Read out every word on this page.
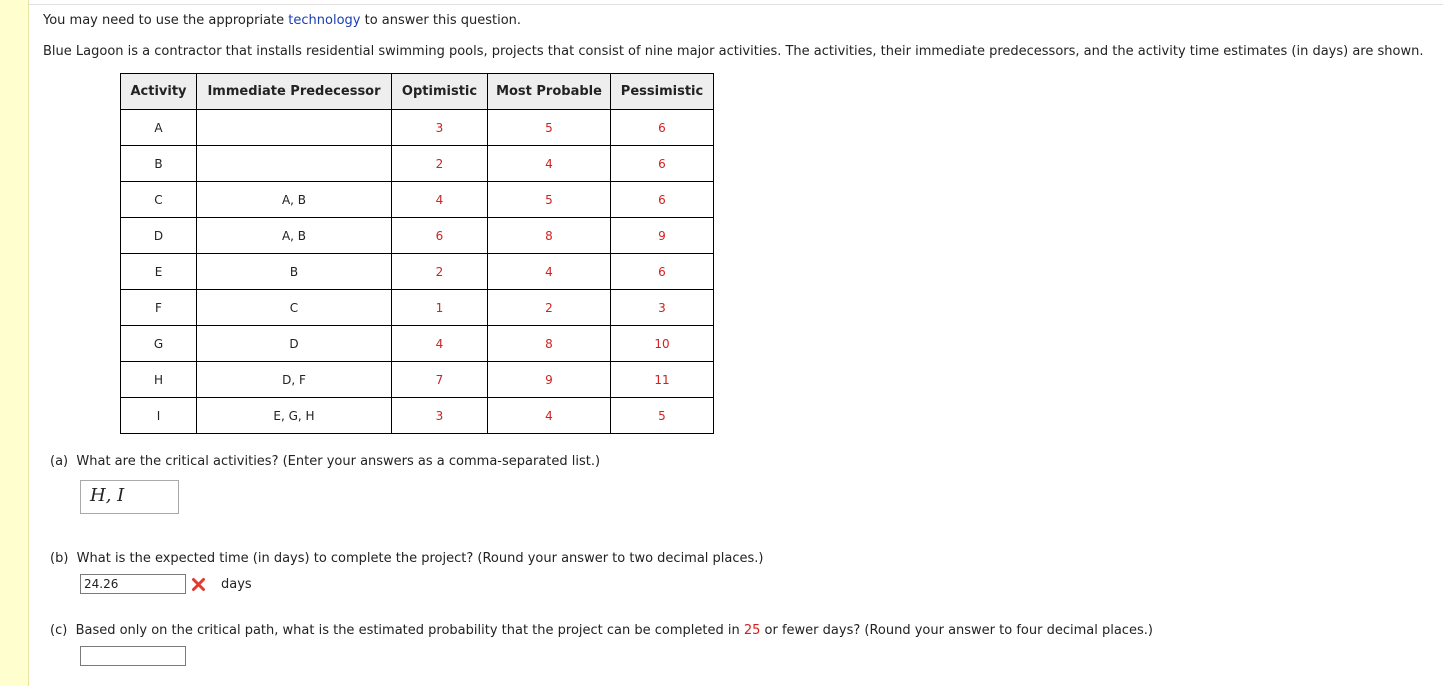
You may need to use the appropriate technology to answer this question.
Blue Lagoon is a contractor that installs residential swimming pools, projects that consist of nine major activities. The activities, their immediate predecessors, and the activity time estimates (in days) are shown.
Activity	Immediate Predecessor	Optimistic	Most Probable	Pessimistic
A		3	5	6
B		2	4	6
C	A, B	4	5	6
D	A, B	6	8	9
E	B	2	4	6
F	C	1	2	3
G	D	4	8	10
H	D, F	7	9	11
I	E, G, H	3	4	5
(a) What are the critical activities? (Enter your answers as a comma-separated list.)
H, I
(b) What is the expected time (in days) to complete the project? (Round your answer to two decimal places.)
24.26
days
(c) Based only on the critical path, what is the estimated probability that the project can be completed in 25 or fewer days? (Round your answer to four decimal places.)
